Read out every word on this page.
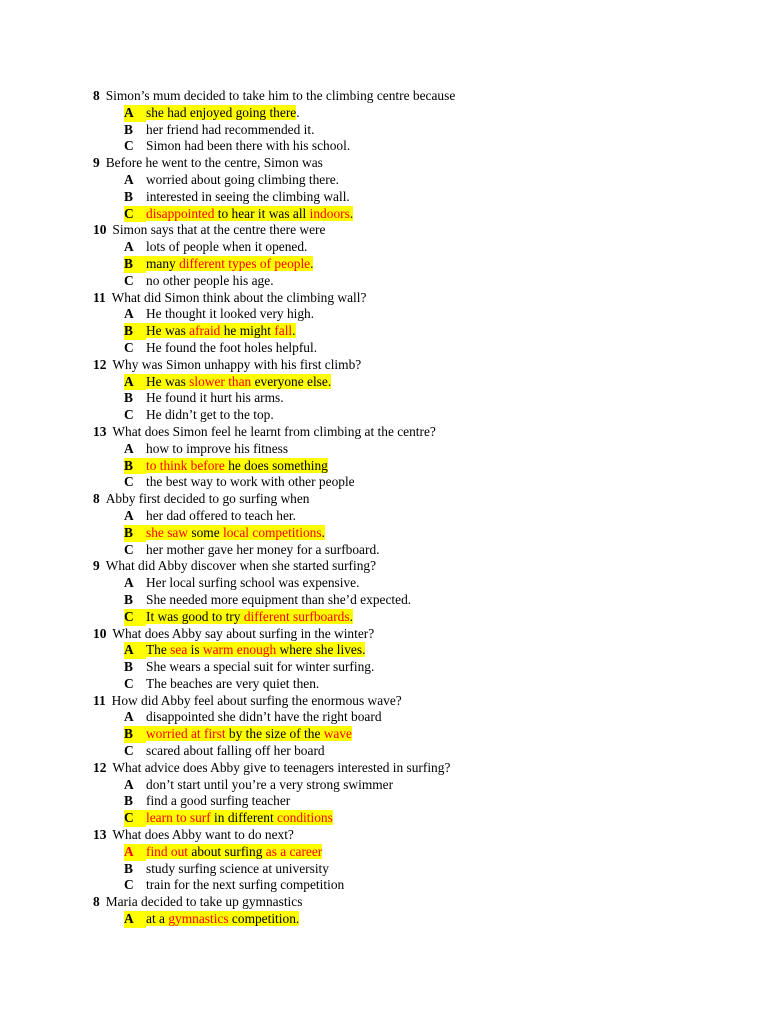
8 Simon’s mum decided to take him to the climbing centre because
A she had enjoyed going there.
B her friend had recommended it.
C Simon had been there with his school.
9 Before he went to the centre, Simon was
A worried about going climbing there.
B interested in seeing the climbing wall.
C disappointed to hear it was all indoors.
10 Simon says that at the centre there were
A lots of people when it opened.
B many different types of people.
C no other people his age.
11 What did Simon think about the climbing wall?
A He thought it looked very high.
B He was afraid he might fall.
C He found the foot holes helpful.
12 Why was Simon unhappy with his first climb?
A He was slower than everyone else.
B He found it hurt his arms.
C He didn’t get to the top.
13 What does Simon feel he learnt from climbing at the centre?
A how to improve his fitness
B to think before he does something
C the best way to work with other people
8 Abby first decided to go surfing when
A her dad offered to teach her.
B she saw some local competitions.
C her mother gave her money for a surfboard.
9 What did Abby discover when she started surfing?
A Her local surfing school was expensive.
B She needed more equipment than she’d expected.
C It was good to try different surfboards.
10 What does Abby say about surfing in the winter?
A The sea is warm enough where she lives.
B She wears a special suit for winter surfing.
C The beaches are very quiet then.
11 How did Abby feel about surfing the enormous wave?
A disappointed she didn’t have the right board
B worried at first by the size of the wave
C scared about falling off her board
12 What advice does Abby give to teenagers interested in surfing?
A don’t start until you’re a very strong swimmer
B find a good surfing teacher
C learn to surf in different conditions
13 What does Abby want to do next?
A find out about surfing as a career
B study surfing science at university
C train for the next surfing competition
8 Maria decided to take up gymnastics
A at a gymnastics competition.
